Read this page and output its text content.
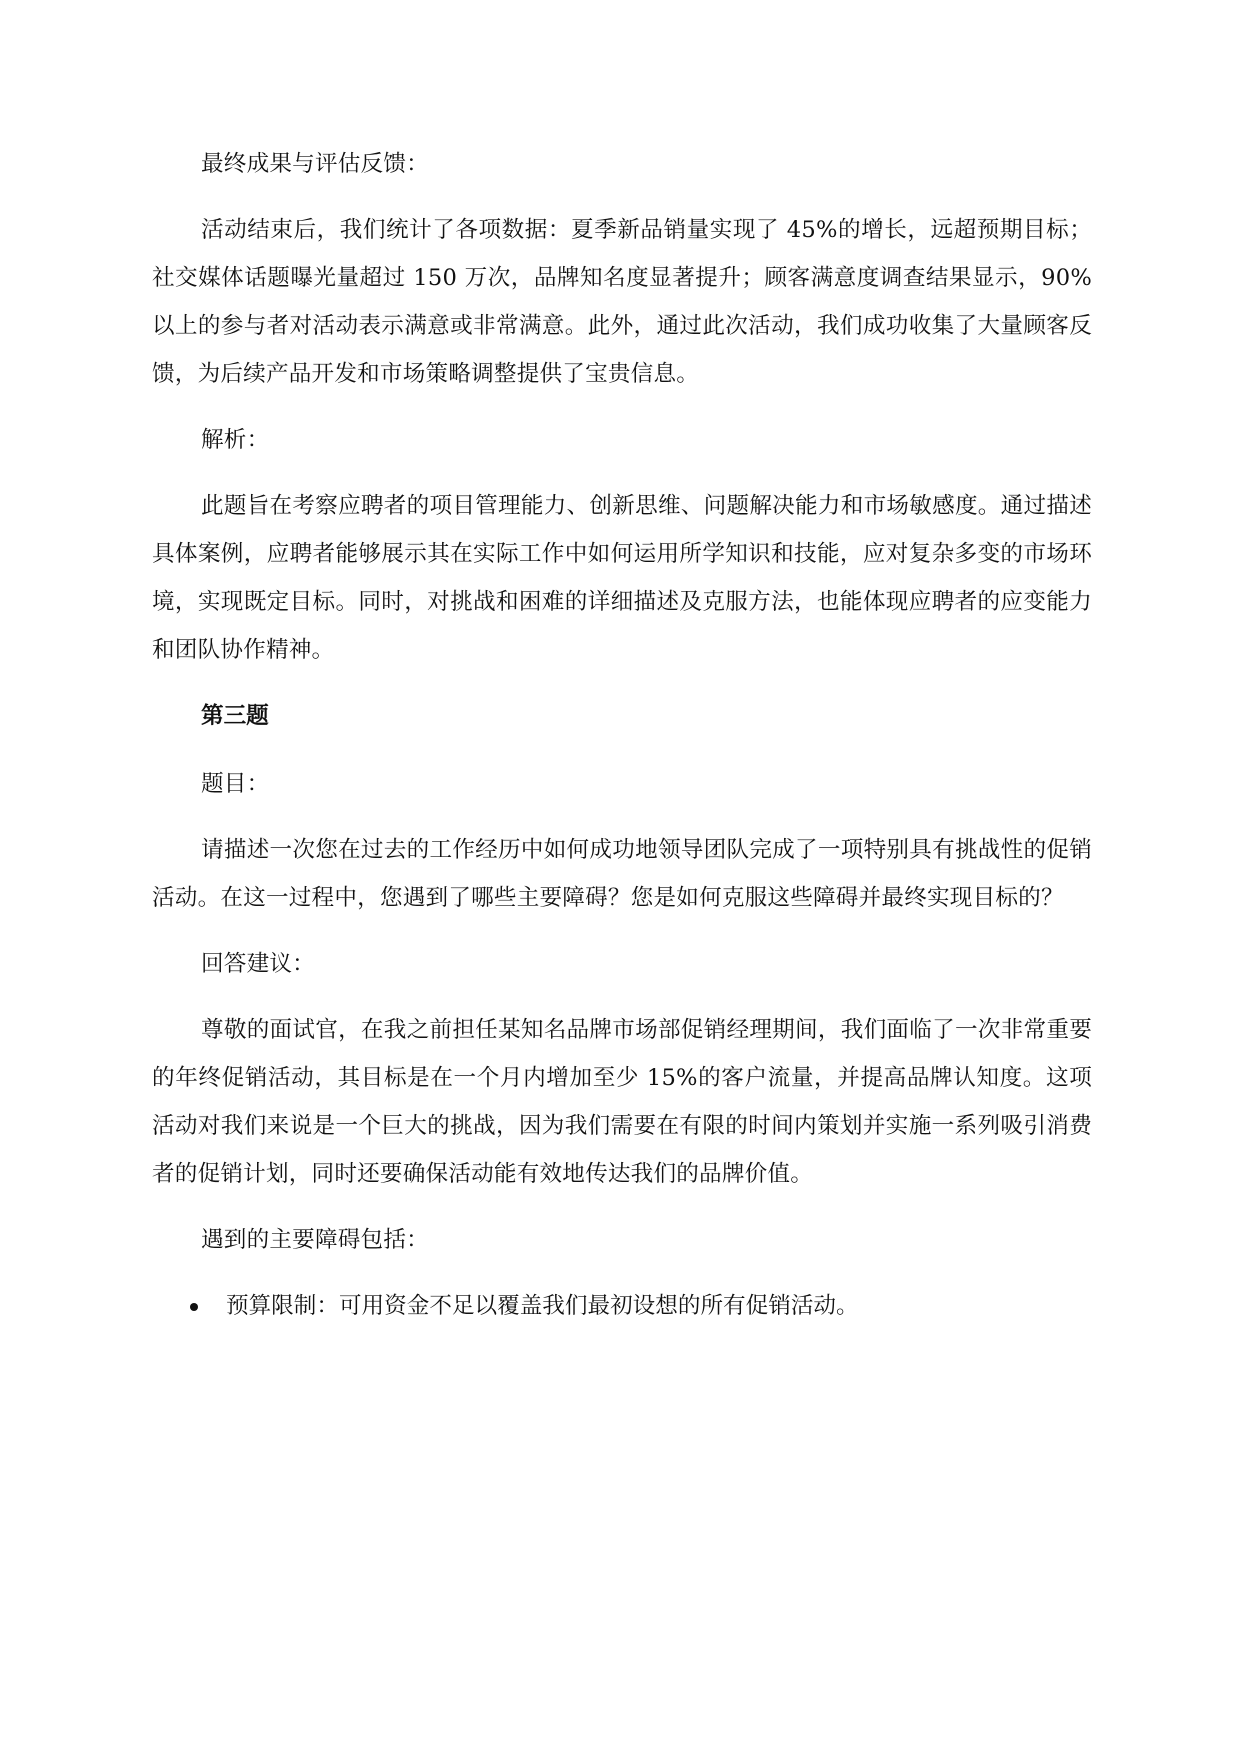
最终成果与评估反馈：

活动结束后，我们统计了各项数据：夏季新品销量实现了 45%的增长，远超预期目标；社交媒体话题曝光量超过 150 万次，品牌知名度显著提升；顾客满意度调查结果显示，90%以上的参与者对活动表示满意或非常满意。此外，通过此次活动，我们成功收集了大量顾客反馈，为后续产品开发和市场策略调整提供了宝贵信息。

解析：

此题旨在考察应聘者的项目管理能力、创新思维、问题解决能力和市场敏感度。通过描述具体案例，应聘者能够展示其在实际工作中如何运用所学知识和技能，应对复杂多变的市场环境，实现既定目标。同时，对挑战和困难的详细描述及克服方法，也能体现应聘者的应变能力和团队协作精神。

第三题

题目：

请描述一次您在过去的工作经历中如何成功地领导团队完成了一项特别具有挑战性的促销活动。在这一过程中，您遇到了哪些主要障碍？您是如何克服这些障碍并最终实现目标的？

回答建议：

尊敬的面试官，在我之前担任某知名品牌市场部促销经理期间，我们面临了一次非常重要的年终促销活动，其目标是在一个月内增加至少 15%的客户流量，并提高品牌认知度。这项活动对我们来说是一个巨大的挑战，因为我们需要在有限的时间内策划并实施一系列吸引消费者的促销计划，同时还要确保活动能有效地传达我们的品牌价值。

遇到的主要障碍包括：

预算限制：可用资金不足以覆盖我们最初设想的所有促销活动。
